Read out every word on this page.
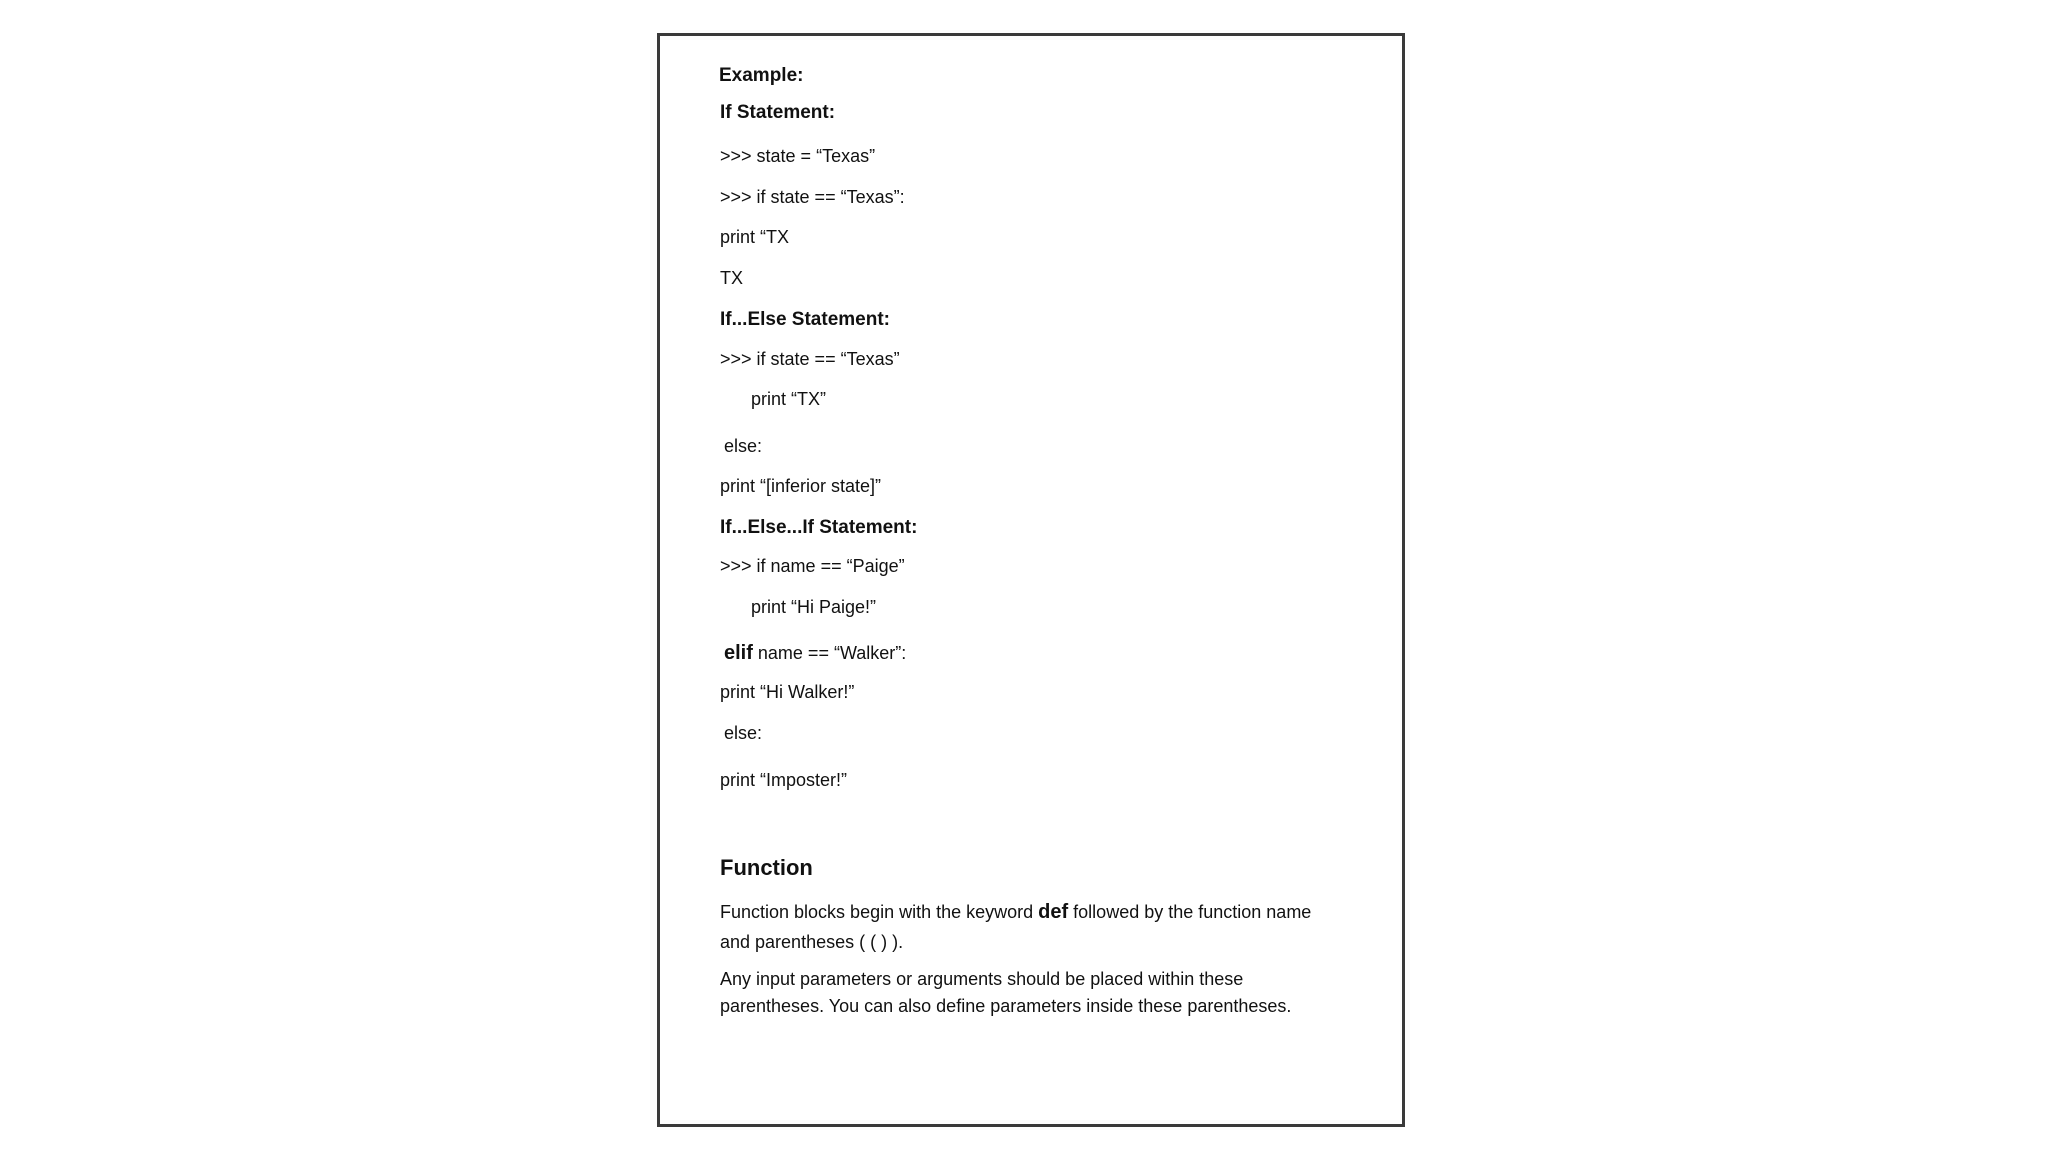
Example:
If Statement:
>>> state = “Texas”
>>> if state == “Texas”:
print “TX
TX
If...Else Statement:
>>> if state == “Texas”
print “TX”
else:
print “[inferior state]”
If...Else...If Statement:
>>> if name == “Paige”
print “Hi Paige!”
elif name == “Walker”:
print “Hi Walker!”
else:
print “Imposter!”
Function
Function blocks begin with the keyword def followed by the function name
and parentheses ( ( ) ).
Any input parameters or arguments should be placed within these
parentheses. You can also define parameters inside these parentheses.
